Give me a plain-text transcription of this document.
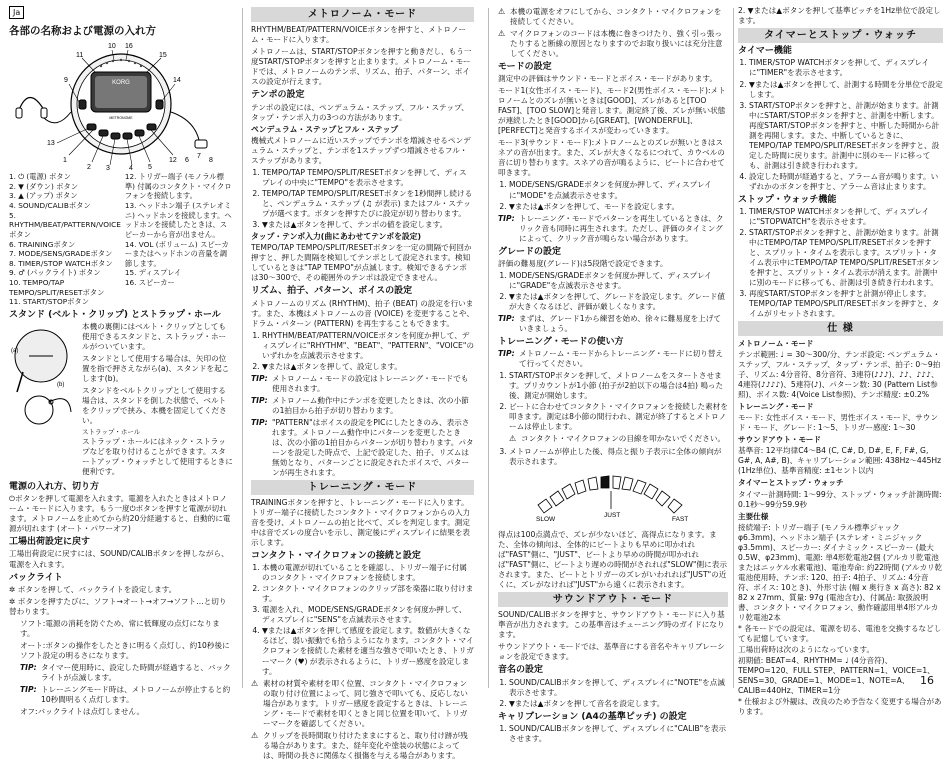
Ja
各部の名称および電源の入れ方
KORG
METRONOME
10 16
11	15
9	14
12
13
1
2 3	4 5
6
7
8
1. ⏻ (電源) ボタン
2. ▼ (ダウン) ボタン
3. ▲ (アップ) ボタン
4. SOUND/CALIBボタン
5. RHYTHM/BEAT/PATTERN/VOICEボタン
6. TRAININGボタン
7. MODE/SENS/GRADEボタン
8. TIMER/STOP WATCHボタン
9. ♂ (パックライト) ボタン
10. TEMPO/TAP TEMPO/SPLIT/RESETボタン
11. START/STOPボタン
12. トリガー端子 (モノラル標準) 付属のコンタクト・マイクロフォンを接続します。
13. ヘッドホン端子 (ステレオミニ) ヘッドホンを接続します。ヘッドホンを接続したときは、スピーカーから音が出ません。
14. VOL (ボリューム) スピーカーまたはヘッドホンの音量を調節します。
15. ディスプレイ
16. スピーカー
スタンド (ベルト・クリップ) とストラップ・ホール
(a)
(b)

本機の裏側にはベルト・クリップとしても使用できるスタンドと、ストラップ・ホールがついています。

スタンドとして使用する場合は、矢印の位置を指で押さえながら(a)、スタンドを起こします(b)。

スタンドをベルトクリップとして使用する場合は、スタンドを倒した状態で、ベルトをクリップで挟み、本機を固定してください。

ストラップ・ホール

ストラップ・ホールにはネック・ストラップなどを取り付けることができます。スタートアップ・ウォッチとして使用するときに便利です。

電源の入れ方、切り方

⏻ボタンを押して電源を入れます。電源を入れたときはメトロノーム・モードに入ります。もう一度⏻ボタンを押すと電源が切れます。メトロノームを止めてから約20分経過すると、自動的に電源が切れます (オート・パワーオフ)

工場出荷設定に戻す

工場出荷設定に戻すには、SOUND/CALIBボタンを押しながら、電源を入れます。

バックライト

✲ ボタンを押して、バックライトを設定します。

✲ ボタンを押すたびに、ソフト→オート→オフ→ソフト…と切り替わります。

ソフト:電源の消耗を防ぐため、常に低輝度の点灯になります。

オート:ボタンの操作をしたときに明るく点灯し、約10秒後にソフト設定の明るさになります。

TIP: タイマー使用時に、設定した時間が経過すると、バックライトが点滅します。
TIP: トレーニングモード時は、メトロノームが停止すると約10秒間明るく点灯します。

オフ:バックライトは点灯しません。

メトロノーム・モード

RHYTHM/BEAT/PATTERN/VOICEボタンを押すと、メトロノーム・モードに入ります。

メトロノームは、START/STOPボタンを押すと動きだし、もう一度START/STOPボタンを押すと止まります。メトロノーム・モードでは、メトロノームのテンポ、リズム、拍子、パターン、ボイスの設定が行えます。

テンポの設定

テンポの設定には、ペンデュラム・ステップ、フル・ステップ、タップ・テンポ入力の3つの方法があります。

ペンデュラム・ステップとフル・ステップ

機械式メトロノームに近いステップでテンポを増減させるペンデュラム・ステップと、テンポを1ステップずつ増減させるフル・ステップがあります。

1. TEMPO/TAP TEMPO/SPLIT/RESETボタンを押して、ディスプレイの中央に"TEMPO"を表示させます。
2. TEMPO/TAP TEMPO/SPLIT/RESETボタンを1秒間押し続けると、ペンデュラム・ステップ (♫ が表示) またはフル・ステップが選べます。ボタンを押すたびに設定が切り替わります。
3. ▼または▲ボタンを押して、テンポの値を設定します。
タップ・テンポ入力(曲にあわせてテンポを設定)

TEMPO/TAP TEMPO/SPLIT/RESETボタンを一定の間隔で何回か押すと、押した間隔を検知してテンポとして設定されます。検知しているときは"TAP TEMPO"が点滅します。検知できるテンポは30〜300で、その範囲外のテンポは設定できません。

リズム、拍子、パターン、ボイスの設定

メトロノームのリズム (RHYTHM)、拍子 (BEAT) の設定を行います。また、本機はメトロノームの音 (VOICE) を変更することや、ドラム・パターン (PATTERN) を再生することもできます。

1. RHYTHM/BEAT/PATTERN/VOICEボタンを何度か押して、ディスプレイに"RHYTHM"、"BEAT"、"PATTERN"、"VOICE"のいずれかを点滅表示させます。
2. ▼または▲ボタンを押して、設定します。
TIP: メトロノーム・モードの設定はトレーニング・モードでも使用されます。
TIP: メトロノーム動作中にテンポを変更したときは、次の小節の1拍目から拍子が切り替わります。
TIP: "PATTERN"はボイスの設定をPICにしたときのみ、表示されます。メトロノーム動作中にパターンを変更したときは、次の小節の1拍目からパターンが切り替わります。パターンを設定した時点で、上記で設定した、拍子、リズムは無効となり、パターンごとに設定されたボイスで、パターンが再生されます。
トレーニング・モード

TRAININGボタンを押すと、トレーニング・モードに入ります。トリガー端子に接続したコンタクト・マイクロフォンからの入力音を受け、メトロノームの拍と比べて、ズレを判定します。測定中は音でズレの度合いを示し、測定後にディスプレイに結果を表示します。

コンタクト・マイクロフォンの接続と設定
1. 本機の電源が切れていることを確認し、トリガー端子に付属のコンタクト・マイクロフォンを接続します。
2. コンタクト・マイクロフォンのクリップ部を楽器に取り付けます。
3. 電源を入れ、MODE/SENS/GRADEボタンを何度か押して、ディスプレイに"SENS"を点滅表示させます。
4. ▼または▲ボタンを押して感度を設定します。数値が大きくなるほど、弱い振動でも拾うようになります。コンタクト・マイクロフォンを接続した素材を適当な強さで叩いたとき、トリガーマーク (♥) が表示されるように、トリガー感度を設定します。
⚠ 素材の材質や素材を叩く位置、コンタクト・マイクロフォンの取り付け位置によって、同じ強さで叩いても、反応しない場合があります。トリガー感度を設定するときは、トレーニング・モードで素材を叩くときと同じ位置を叩いて、トリガーマークを確認してください。
⚠ クリップを長時間取り付けたままにすると、取り付け跡が残る場合があります。また、経年変化や塗装の状態によっては、時間の長さに関係なく損傷を与える場合があります。
⚠ 本機の電源をオフにしてから、コンタクト・マイクロフォンを接続してください。
⚠ マイクロフォンのコードは本機に巻きつけたり、強く引っ張ったりすると断線の原因となりますのでお取り扱いには充分注意してください。
モードの設定

測定中の評価はサウンド・モードとボイス・モードがあります。

モード1(女性ボイス・モード)、モード2(男性ボイス・モード):メトロノームとのズレが無いときは[GOOD]、ズレがあると[TOO FAST]、[TOO SLOW]と発音します。測定終了後、ズレが無い状態が連続したとき[GOOD]から[GREAT]、[WONDERFUL]、[PERFECT]と発音するボイスが変わっていきます。

モード3(サウンド・モード):メトロノームとのズレが無いときはスネアの音が出ます。また、ズレが大きくなるにつれて、カウベルの音に切り替わります。スネアの音が鳴るように、ビートに合わせて叩きます。

1. MODE/SENS/GRADEボタンを何度か押して、ディスプレイに"MODE"を点滅表示させます。
2. ▼または▲ボタンを押して、モードを設定します。
TIP: トレーニング・モードでパターンを再生しているときは、クリック音も同時に再生されます。ただし、評価のタイミングによって、クリック音が鳴らない場合があります。
グレードの設定

評価の難易度(グレード)は5段階で設定できます。

1. MODE/SENS/GRADEボタンを何度か押して、ディスプレイに"GRADE"を点滅表示させます。
2. ▼または▲ボタンを押して、グレードを設定します。グレード値が大きくなるほど、評価が厳しくなります。
TIP: まずは、グレード1から練習を始め、徐々に難易度を上げていきましょう。
トレーニング・モードの使い方
TIP: メトロノーム・モードからトレーニング・モードに切り替えて行ってください。
1. START/STOPボタンを押して、メトロノームをスタートさせます。プリカウントが1小節 (拍子が2拍以下の場合は4拍) 鳴った後、測定が開始します。
2. ビートに合わせてコンタクト・マイクロフォンを接続した素材を叩きます。測定は8小節の間行われ、測定が終了するとメトロノームは停止します。
⚠ コンタクト・マイクロフォンの目線を叩かないでください。
3. メトロノームが停止した後、得点と振り子表示に全体の傾向が表示されます。
SLOW
JUST
FAST

得点は100点満点で、ズレが少ないほど、高得点になります。また、全体の傾向は、全体的にビートよりも早めに叩かれれば"FAST"側に、"JUST"、ビートより早めの時間が叩かれれば"FAST"側に、ビートより遅めの時間がされれば"SLOW"側に表示されます。また、ビートとトリガーのズレがいわれれば"JUST"の近くに、ズレがなければ"JUST"から遠くに表示されます。

サウンドアウト・モード

SOUND/CALIBボタンを押すと、サウンドアウト・モードに入り基準音が出力されます。この基準音はチューニング時のガイドになります。

サウンドアウト・モードでは、基準音にする音名やキャリブレーションを設定できます。

音名の設定
1. SOUND/CALIBボタンを押して、ディスプレイに"NOTE"を点滅表示させます。
2. ▼または▲ボタンを押して音名を設定します。
キャリブレーション (A4の基準ピッチ) の設定
1. SOUND/CALIBボタンを押して、ディスプレイに"CALIB"を表示させます。

2. ▼または▲ボタンを押して基準ピッチを1Hz単位で設定します。

タイマーとストップ・ウォッチ
タイマー機能
1. TIMER/STOP WATCHボタンを押して、ディスプレイに"TIMER"を表示させます。
2. ▼または▲ボタンを押して、計測する時間を分単位で設定します。
3. START/STOPボタンを押すと、計測が始まります。計測中にSTART/STOPボタンを押すと、計測を中断します。再度START/STOPボタンを押すと、中断した時間から計測を再開します。また、中断しているときに、TEMPO/TAP TEMPO/SPLIT/RESETボタンを押すと、設定した時間に戻ります。計測中に別のモードに移っても、計測は引き続き行われます。
4. 設定した時間が経過すると、アラーム音が鳴ります。いずれかのボタンを押すと、アラーム音は止まります。
ストップ・ウォッチ機能
1. TIMER/STOP WATCHボタンを押して、ディスプレイに"STOPWATCH"を表示させます。
2. START/STOPボタンを押すと、計測が始まります。計測中にTEMPO/TAP TEMPO/SPLIT/RESETボタンを押すと、スプリット・タイムを表示します。スプリット・タイム表示中にTEMPO/TAP TEMPO/SPLIT/RESETボタンを押すと、スプリット・タイム表示が消えます。計測中に別のモードに移っても、計測は引き続き行われます。
3. 再度START/STOPボタンを押すと計測が停止します。TEMPO/TAP TEMPO/SPLIT/RESETボタンを押すと、タイムがリセットされます。
仕 様

メトロノーム・モード

テンポ範囲: ♩ = 30〜300/分、テンポ設定: ペンデュラム・ステップ、フル・ステップ、タップ・テンポ、拍子: 0〜9拍子、リズム: 4分音符、8分音符、3連符(♪♪♪)、♪♪、♪♪♪、4連符(♪♪♪♪)、5連符(♪)、パターン数: 30 (Pattern List参照)、ボイス数: 4(Voice List参照)、テンポ精度: ±0.2%

トレーニング・モード

モード: 女性ボイス・モード、男性ボイス・モード、サウンド・モード、グレード: 1〜5、トリガー感度: 1〜30

サウンドアウト・モード

基準音: 12平均律C4〜B4 (C, C#, D, D#, E, F, F#, G, G#, A, A#, B)、キャリブレーション範囲: 438Hz〜445Hz (1Hz単位)、基準音精度: ±1セント以内

タイマーとストップ・ウォッチ

タイマー計測時間: 1〜99分、ストップ・ウォッチ計測時間: 0.1秒〜99分59.9秒

主要仕様

接続端子: トリガー端子 (モノラル標準ジャック φ6.3mm)、ヘッドホン端子 (ステレオ・ミニジャック φ3.5mm)、スピーカー: ダイナミック・スピーカー (最大0.5W、φ23mm)、電源: 単4形乾電池2個 (アルカリ乾電池またはニッケル水素電池)、電池寿命: 約22時間 (アルカリ乾電池使用時、テンポ: 120、拍子: 4拍子、リズム: 4分音符、ボイス: 10とき)、外形寸法 (幅 x 奥行き x 高さ): 82 x 82 x 27mm、質量: 97g (電池含む)、付属品: 取扱説明書、コンタクト・マイクロフォン、動作確認用単4形アルカリ乾電池2本

* 各モードでの設定は、電源を切る、電池を交換するなどしても記憶しています。

工場出荷時は次のようになっています。

初期値: BEAT=4、RHYTHM= ♩ (4分音符)、TEMPO=120、FULL STEP、PATTERN=1、VOICE=1、SENS=30、GRADE=1、MODE=1、NOTE=A、CALIB=440Hz、TIMER=1分

* 仕様および外観は、改良のため予告なく変更する場合があります。

16
